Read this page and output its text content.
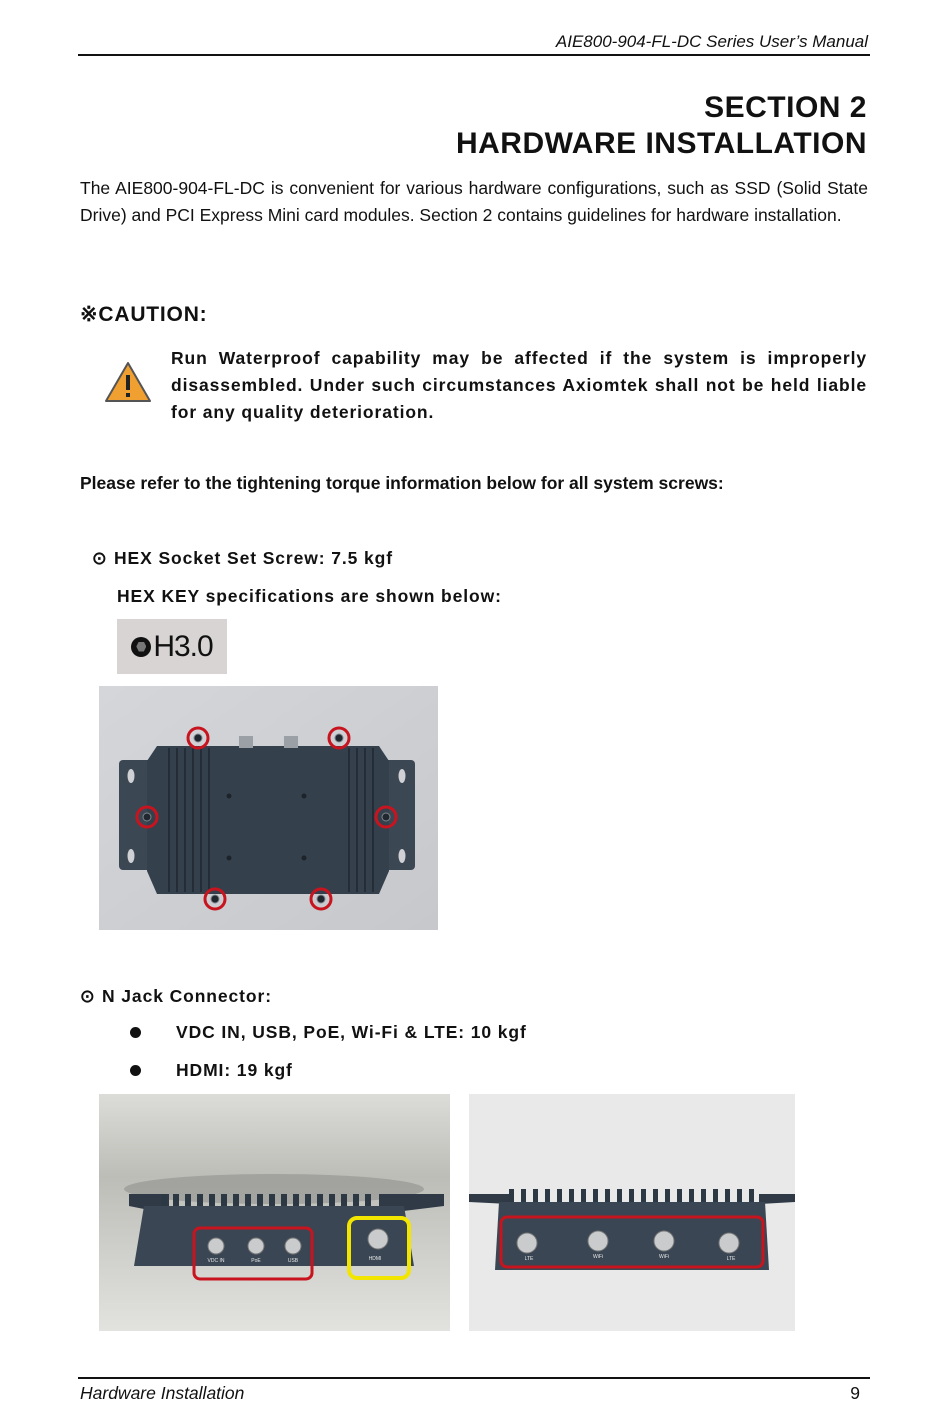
AIE800-904-FL-DC Series User’s Manual
SECTION 2
HARDWARE INSTALLATION
The AIE800-904-FL-DC is convenient for various hardware configurations, such as SSD (Solid State Drive) and PCI Express Mini card modules. Section 2 contains guidelines for hardware installation.
※CAUTION:
Run Waterproof capability may be affected if the system is improperly disassembled. Under such circumstances Axiomtek shall not be held liable for any quality deterioration.
Please refer to the tightening torque information below for all system screws:
⊙ HEX Socket Set Screw: 7.5 kgf
HEX KEY specifications are shown below:
H3.0
⊙ N Jack Connector:
VDC IN, USB, PoE, Wi-Fi & LTE: 10 kgf
HDMI: 19 kgf
VDC IN	PoE	USB	HDMI	LTE	WiFi	WiFi	LTE
Hardware Installation	9
